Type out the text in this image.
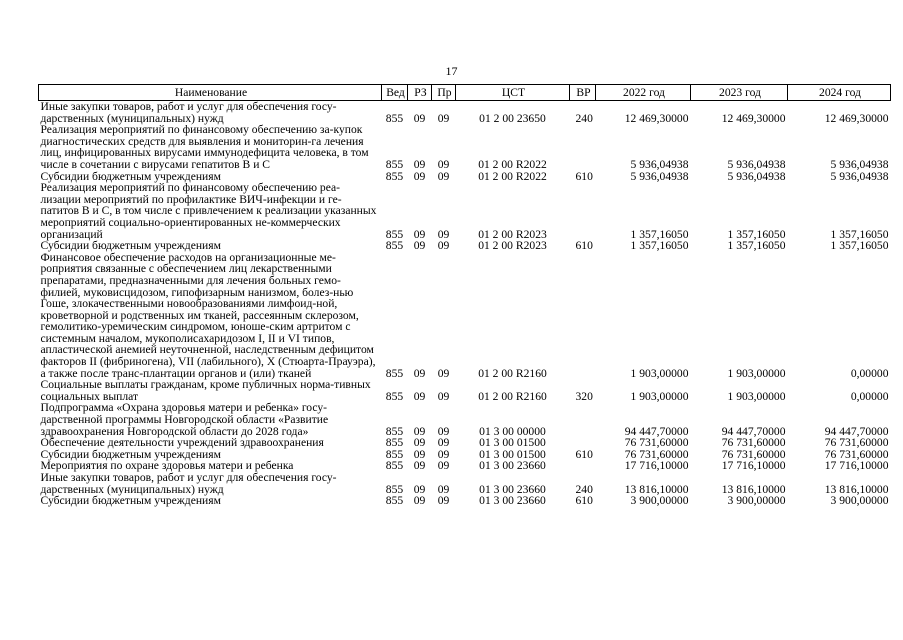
17
Наименование	Вед	РЗ	Пр	ЦСТ	ВР	2022 год	2023 год	2024 год
Иные закупки товаров, работ и услуг для обеспечения госу-дарственных (муниципальных) нужд	855	09	09	01 2 00 23650	240	12 469,30000	12 469,30000	12 469,30000
Реализация мероприятий по финансовому обеспечению за-купок диагностических средств для выявления и мониторин-га лечения лиц, инфицированных вирусами иммунодефицита человека, в том числе в сочетании с вирусами гепатитов В и С	855	09	09	01 2 00 R2022		5 936,04938	5 936,04938	5 936,04938
Субсидии бюджетным учреждениям	855	09	09	01 2 00 R2022	610	5 936,04938	5 936,04938	5 936,04938
Реализация мероприятий по финансовому обеспечению реа-лизации мероприятий по профилактике ВИЧ-инфекции и ге-патитов В и С, в том числе с привлечением к реализации указанных мероприятий социально-ориентированных не-коммерческих организаций	855	09	09	01 2 00 R2023		1 357,16050	1 357,16050	1 357,16050
Субсидии бюджетным учреждениям	855	09	09	01 2 00 R2023	610	1 357,16050	1 357,16050	1 357,16050
Финансовое обеспечение расходов на организационные ме-роприятия связанные с обеспечением лиц лекарственными препаратами, предназначенными для лечения больных гемо-филией, муковисцидозом, гипофизарным нанизмом, болез-нью Гоше, злокачественными новообразованиями лимфоид-ной, кроветворной и родственных им тканей, рассеянным склерозом, гемолитико-уремическим синдромом, юноше-ским артритом с системным началом, мукополисахаридозом I, II и VI типов, апластической анемией неуточненной, наследственным дефицитом факторов II (фибриногена), VII (лабильного), X (Стюарта-Прауэра), а также после транс-плантации органов и (или) тканей	855	09	09	01 2 00 R2160		1 903,00000	1 903,00000	0,00000
Социальные выплаты гражданам, кроме публичных норма-тивных социальных выплат	855	09	09	01 2 00 R2160	320	1 903,00000	1 903,00000	0,00000
Подпрограмма «Охрана здоровья матери и ребенка» госу-дарственной программы Новгородской области «Развитие здравоохранения Новгородской области до 2028 года»	855	09	09	01 3 00 00000		94 447,70000	94 447,70000	94 447,70000
Обеспечение деятельности учреждений здравоохранения	855	09	09	01 3 00 01500		76 731,60000	76 731,60000	76 731,60000
Субсидии бюджетным учреждениям	855	09	09	01 3 00 01500	610	76 731,60000	76 731,60000	76 731,60000
Мероприятия по охране здоровья матери и ребенка	855	09	09	01 3 00 23660		17 716,10000	17 716,10000	17 716,10000
Иные закупки товаров, работ и услуг для обеспечения госу-дарственных (муниципальных) нужд	855	09	09	01 3 00 23660	240	13 816,10000	13 816,10000	13 816,10000
Субсидии бюджетным учреждениям	855	09	09	01 3 00 23660	610	3 900,00000	3 900,00000	3 900,00000
